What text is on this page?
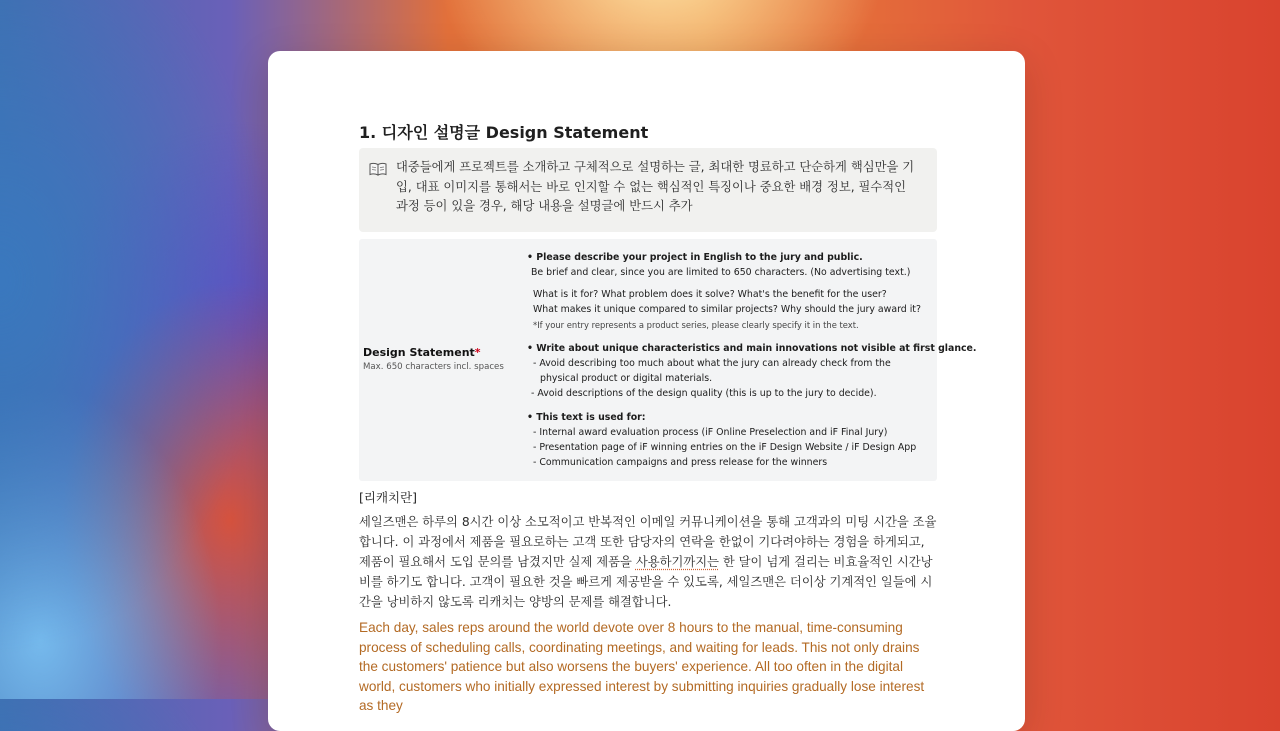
1. 디자인 설명글 Design Statement
대중들에게 프로젝트를 소개하고 구체적으로 설명하는 글, 최대한 명료하고 단순하게 핵심만을 기입, 대표 이미지를 통해서는 바로 인지할 수 없는 핵심적인 특징이나 중요한 배경 정보, 필수적인 과정 등이 있을 경우, 해당 내용을 설명글에 반드시 추가
Design Statement*
Max. 650 characters incl. spaces
• Please describe your project in English to the jury and public.
Be brief and clear, since you are limited to 650 characters. (No advertising text.)
What is it for? What problem does it solve? What's the benefit for the user?
What makes it unique compared to similar projects? Why should the jury award it?
*If your entry represents a product series, please clearly specify it in the text.
• Write about unique characteristics and main innovations not visible at first glance.
- Avoid describing too much about what the jury can already check from the
physical product or digital materials.
- Avoid descriptions of the design quality (this is up to the jury to decide).
• This text is used for:
- Internal award evaluation process (iF Online Preselection and iF Final Jury)
- Presentation page of iF winning entries on the iF Design Website / iF Design App
- Communication campaigns and press release for the winners
[리캐치란]
세일즈맨은 하루의 8시간 이상 소모적이고 반복적인 이메일 커뮤니케이션을 통해 고객과의 미팅 시간을 조율합니다. 이 과정에서 제품을 필요로하는 고객 또한 담당자의 연락을 한없이 기다려야하는 경험을 하게되고, 제품이 필요해서 도입 문의를 남겼지만 실제 제품을 사용하기까지는 한 달이 넘게 걸리는 비효율적인 시간낭비를 하기도 합니다. 고객이 필요한 것을 빠르게 제공받을 수 있도록, 세일즈맨은 더이상 기계적인 일들에 시간을 낭비하지 않도록 리캐치는 양방의 문제를 해결합니다.
Each day, sales reps around the world devote over 8 hours to the manual, time-consuming process of scheduling calls, coordinating meetings, and waiting for leads. This not only drains the customers' patience but also worsens the buyers' experience. All too often in the digital world, customers who initially expressed interest by submitting inquiries gradually lose interest as they
